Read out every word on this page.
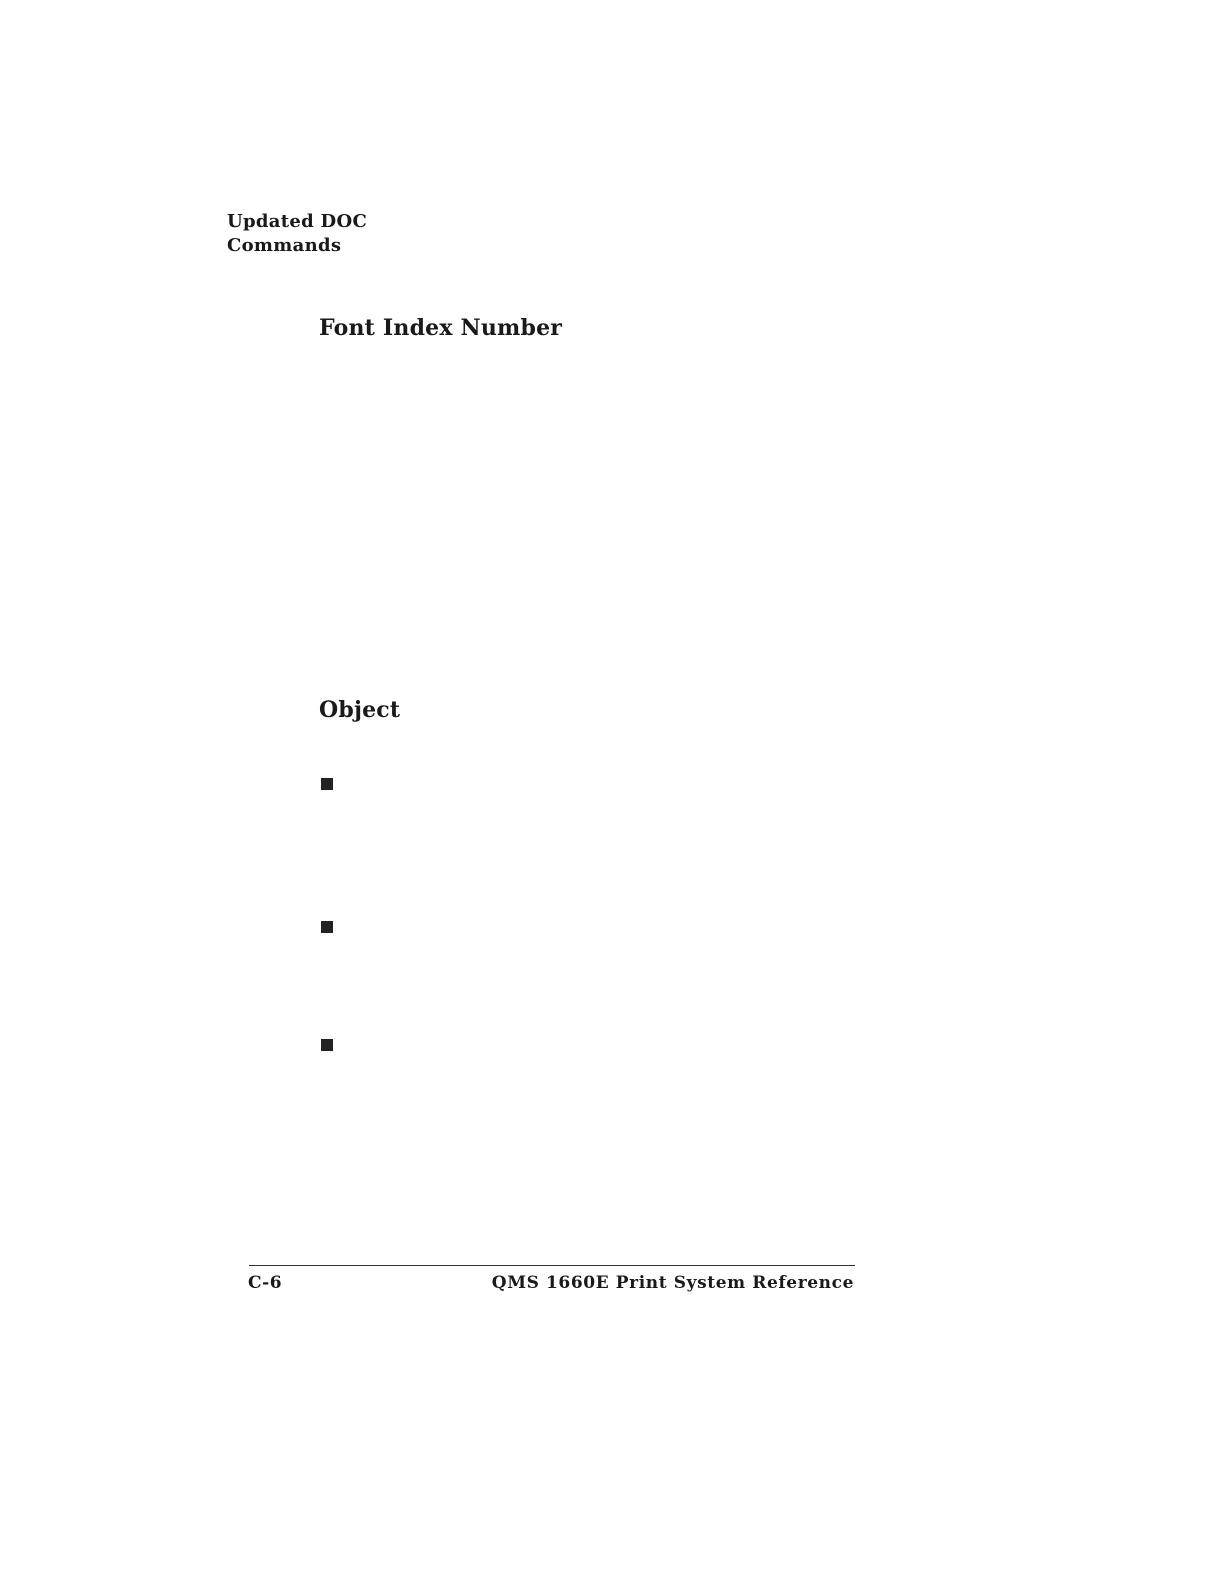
Updated DOC
Commands
Font Index Number
Object
C-6	QMS 1660E Print System Reference
